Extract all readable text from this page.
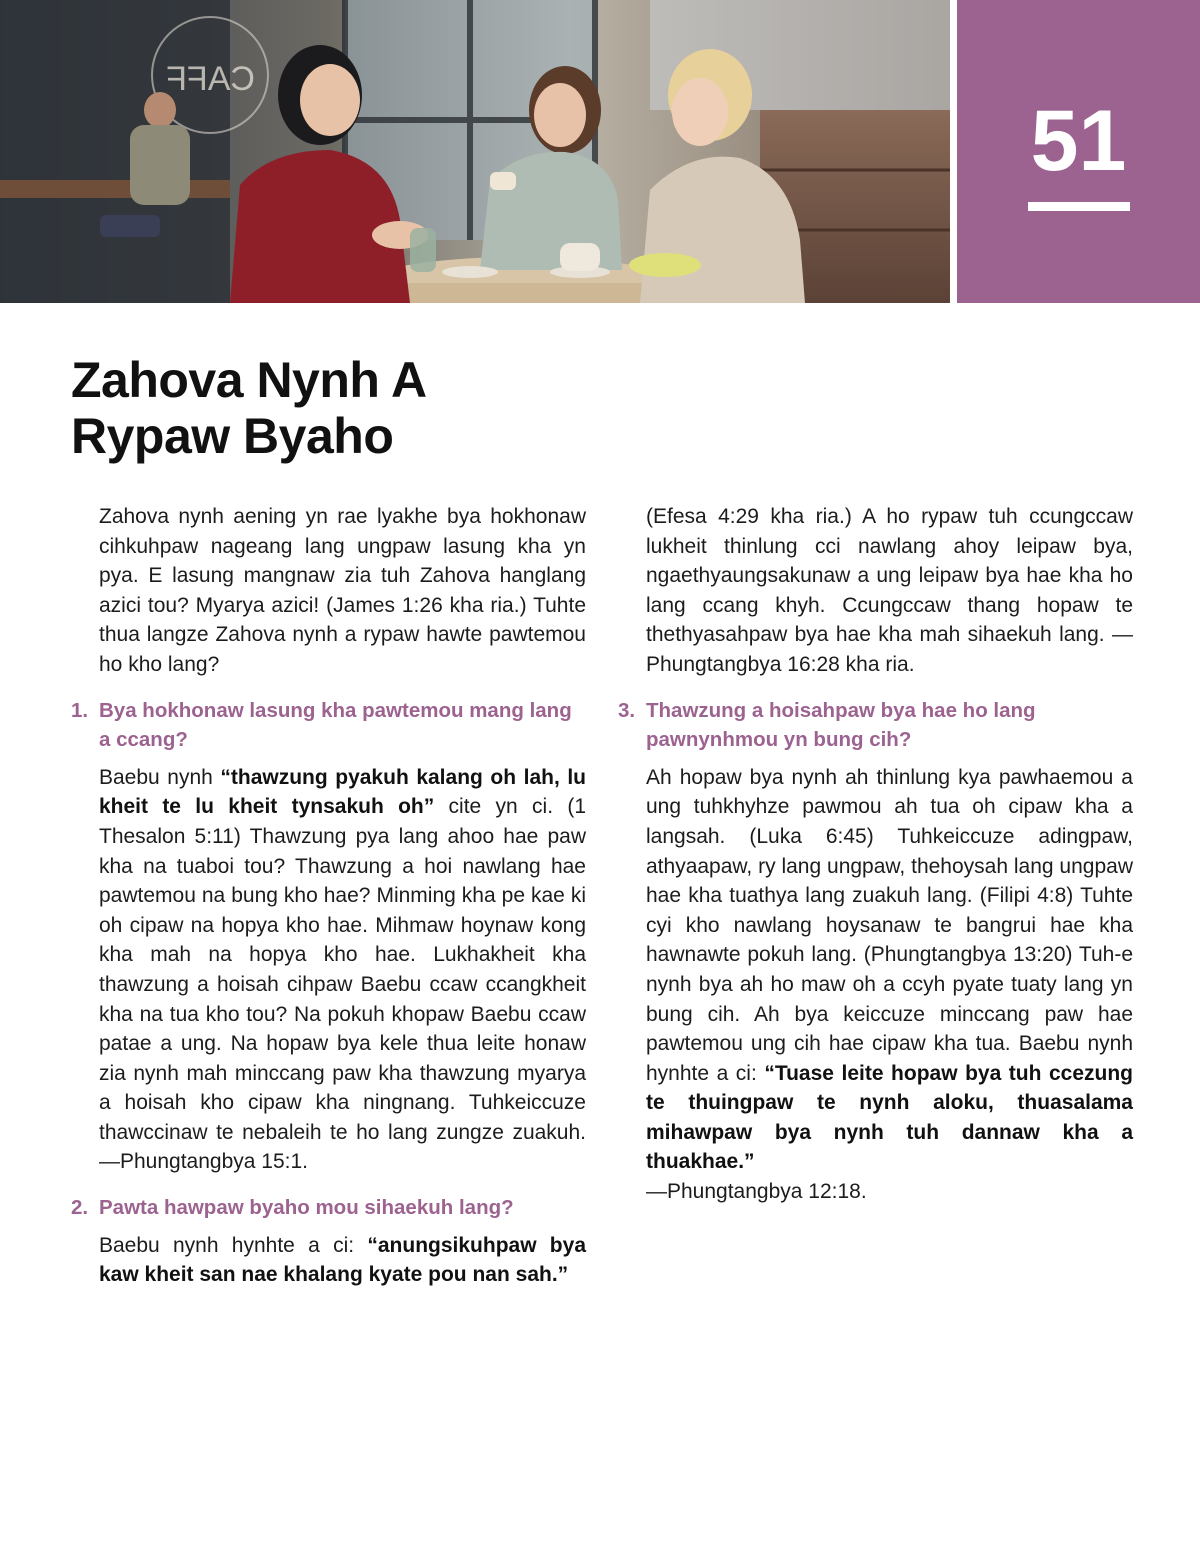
CAFF
51
Zahova Nynh A
Rypaw Byaho

Zahova nynh aening yn rae lyakhe bya hokhonaw cihkuhpaw nageang lang ungpaw lasung kha yn pya. E lasung mangnaw zia tuh Zahova hanglang azici tou? Myarya azici! (James 1:26 kha ria.) Tuhte thua langze Zahova nynh a rypaw hawte pawtemou ho kho lang?

1. Bya hokhonaw lasung kha pawtemou mang lang a ccang?

Baebu nynh “thawzung pyakuh kalang oh lah, lu kheit te lu kheit tynsakuh oh” cite yn ci. (1 Thesalon 5:11) Thawzung pya lang ahoo hae paw kha na tuaboi tou? Thawzung a hoi nawlang hae pawtemou na bung kho hae? Minming kha pe kae ki oh cipaw na hopya kho hae. Mihmaw hoynaw kong kha mah na hopya kho hae. Lukhakheit kha thawzung a hoisah cihpaw Baebu ccaw ccangkheit kha na tua kho tou? Na pokuh khopaw Baebu ccaw patae a ung. Na hopaw bya kele thua leite honaw zia nynh mah minccang paw kha thawzung myarya a hoisah kho cipaw kha ningnang. Tuhkeiccuze thawccinaw te nebaleih te ho lang zungze zuakuh.—Phungtangbya 15:1.

2. Pawta hawpaw byaho mou sihaekuh lang?

Baebu nynh hynhte a ci: “anungsikuhpaw bya kaw kheit san nae khalang kyate pou nan sah.”

(Efesa 4:29 kha ria.) A ho rypaw tuh ccungccaw lukheit thinlung cci nawlang ahoy leipaw bya, ngaethyaungsakunaw a ung leipaw bya hae kha ho lang ccang khyh. Ccungccaw thang hopaw te thethyasahpaw bya hae kha mah sihaekuh lang. —Phungtangbya 16:28 kha ria.

3. Thawzung a hoisahpaw bya hae ho lang pawnynhmou yn bung cih?

Ah hopaw bya nynh ah thinlung kya pawhaemou a ung tuhkhyhze pawmou ah tua oh cipaw kha a langsah. (Luka 6:45) Tuhkeiccuze adingpaw, athyaapaw, ry lang ungpaw, thehoysah lang ungpaw hae kha tuathya lang zuakuh lang. (Filipi 4:8) Tuhte cyi kho nawlang hoysanaw te bangrui hae kha hawnawte pokuh lang. (Phungtangbya 13:20) Tuh-e nynh bya ah ho maw oh a ccyh pyate tuaty lang yn bung cih. Ah bya keiccuze minccang paw hae pawtemou ung cih hae cipaw kha tua. Baebu nynh hynhte a ci: “Tuase leite hopaw bya tuh ccezung te thuingpaw te nynh aloku, thuasalama mihawpaw bya nynh tuh dannaw kha a thuakhae.”
—Phungtangbya 12:18.
